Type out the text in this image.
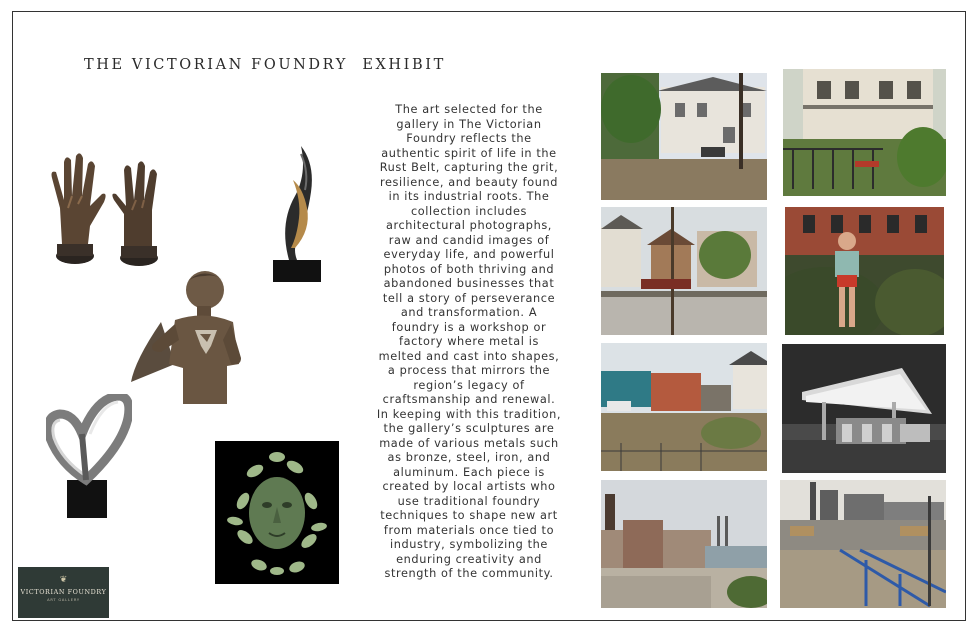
THE VICTORIAN FOUNDRY  EXHIBIT
The art selected for the gallery in The Victorian Foundry reflects the authentic spirit of life in the Rust Belt, capturing the grit, resilience, and beauty found in its industrial roots. The collection includes architectural photographs, raw and candid images of everyday life, and powerful photos of both thriving and abandoned businesses that tell a story of perseverance and transformation. A foundry is a workshop or factory where metal is melted and cast into shapes, a process that mirrors the region’s legacy of craftsmanship and renewal. In keeping with this tradition, the gallery’s sculptures are made of various metals such as bronze, steel, iron, and aluminum. Each piece is created by local artists who use traditional foundry techniques to shape new art from materials once tied to industry, symbolizing the enduring creativity and strength of the community.
❦
VICTORIAN FOUNDRY
ART GALLERY
